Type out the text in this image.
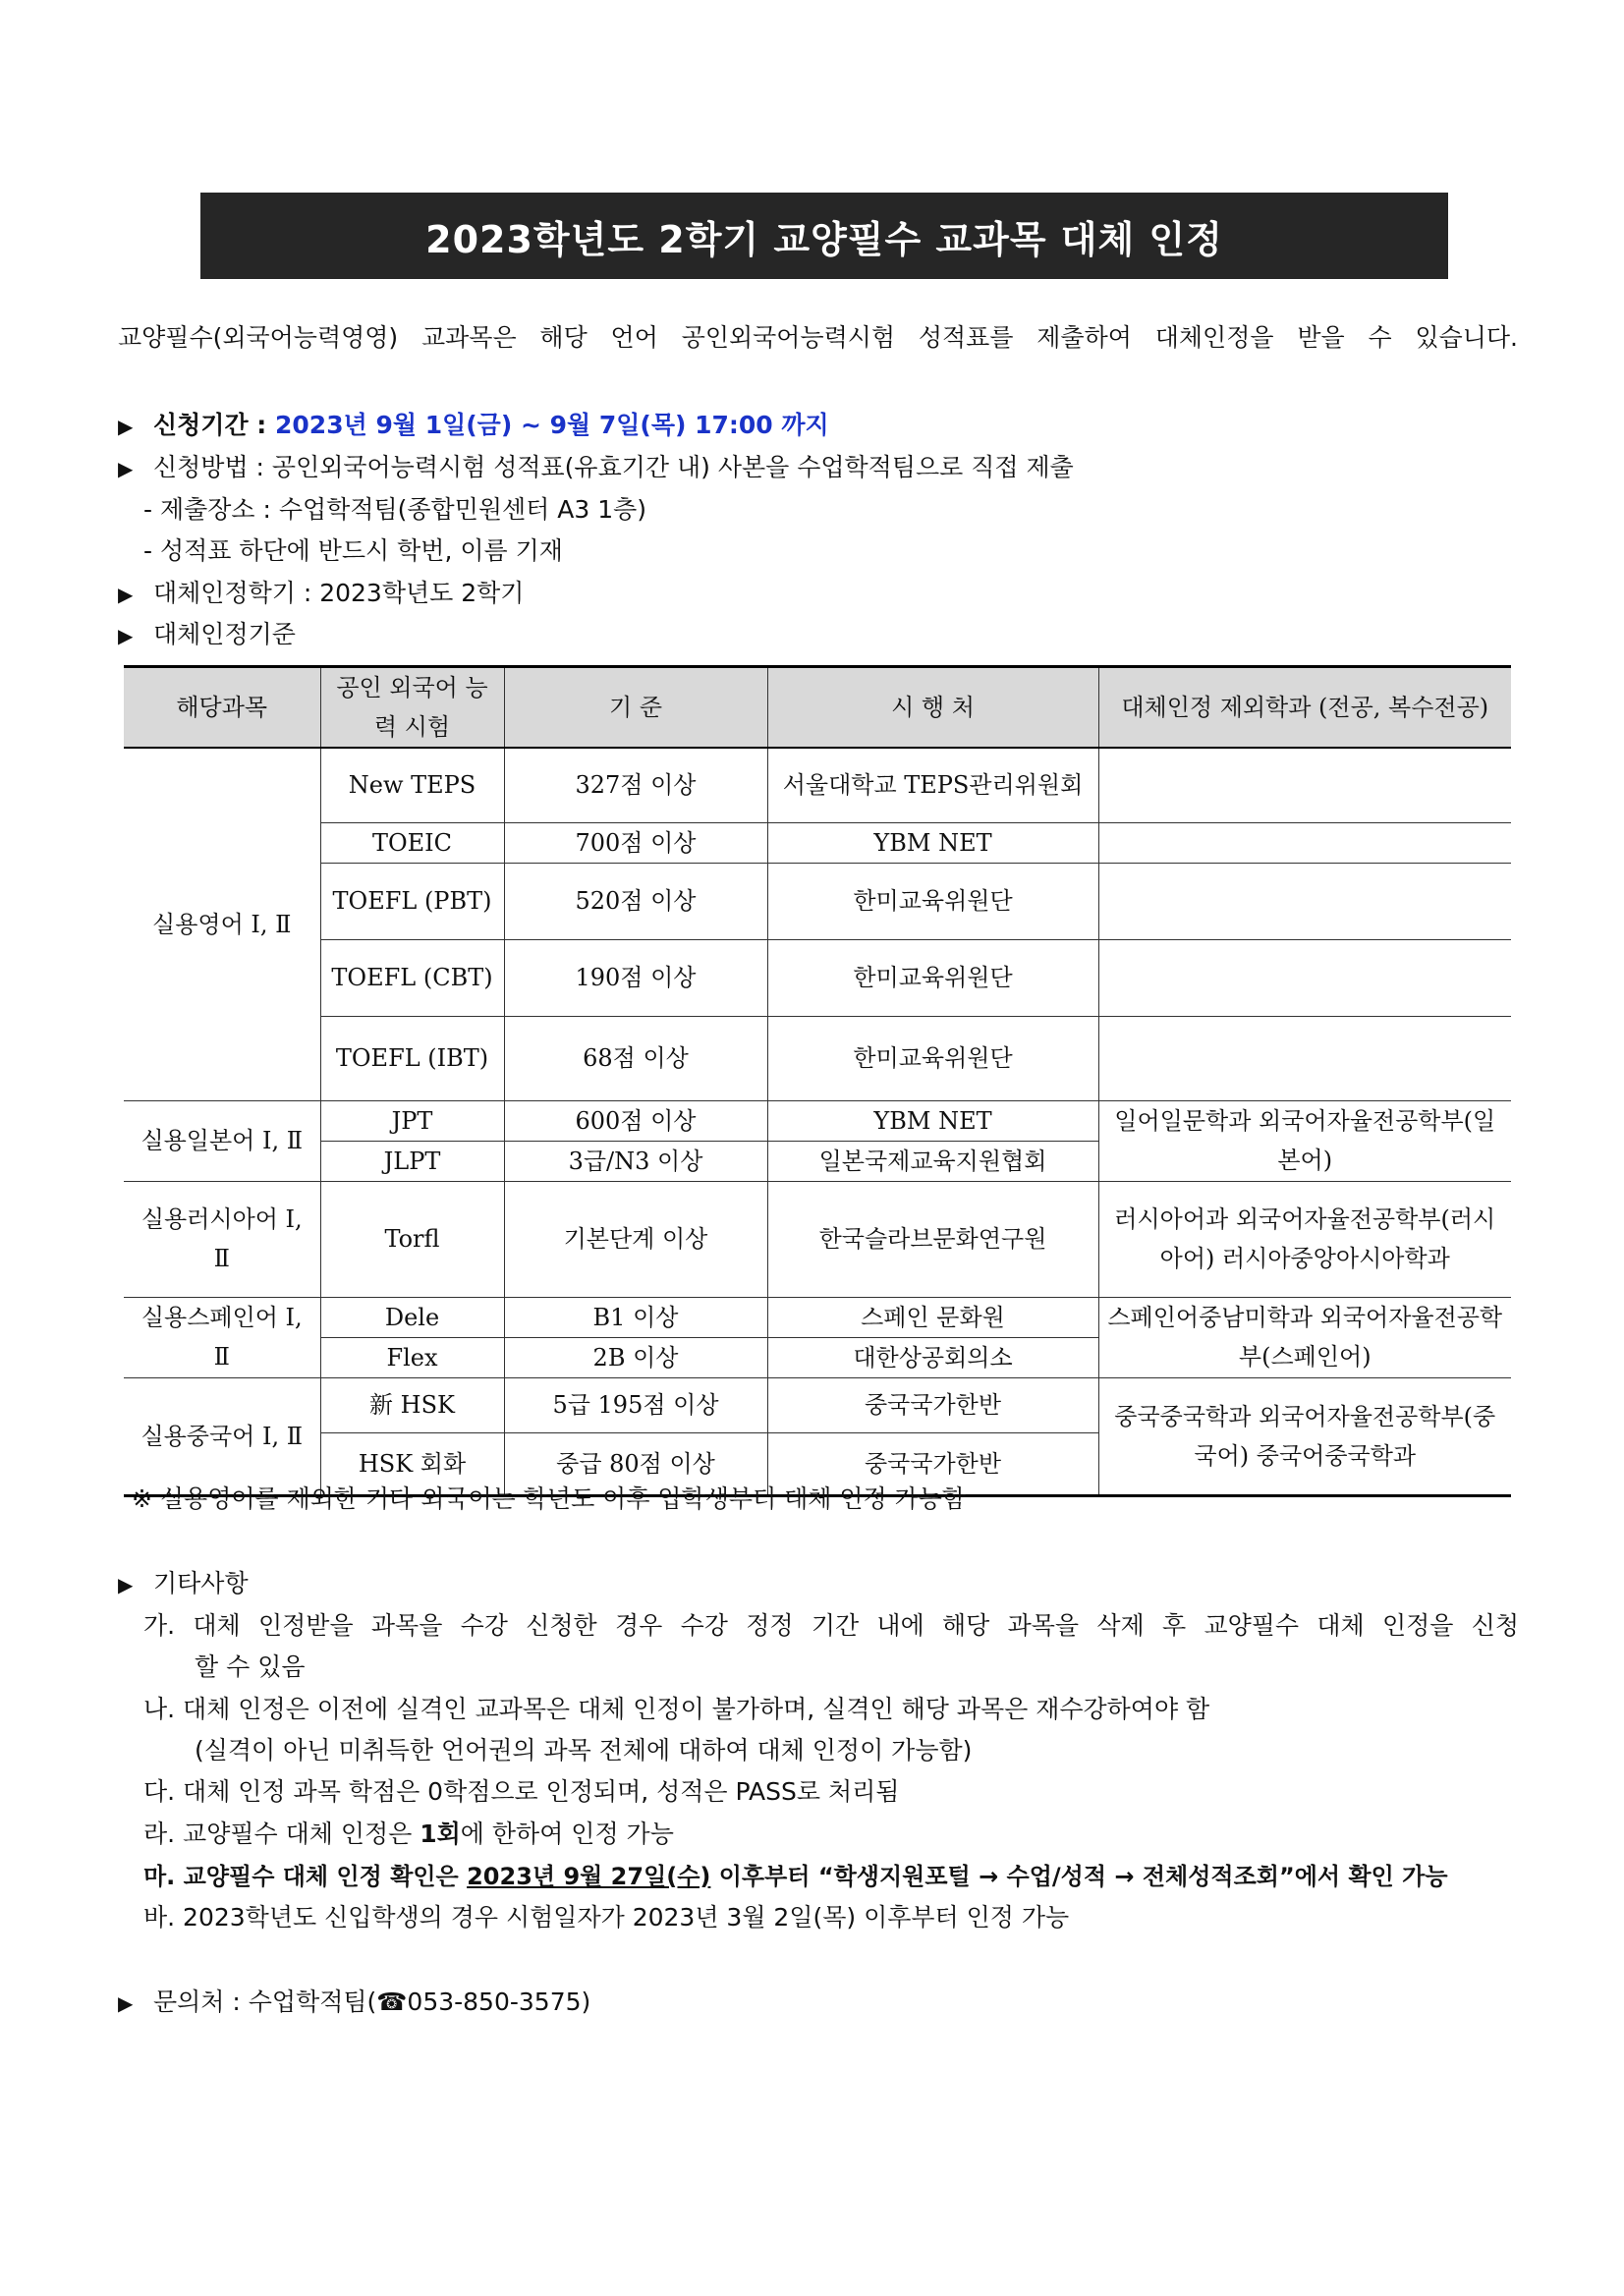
2023학년도 2학기 교양필수 교과목 대체 인정
교양필수(외국어능력영영) 교과목은 해당 언어 공인외국어능력시험 성적표를 제출하여 대체인정을 받을 수 있습니다.
▶ 신청기간 : 2023년 9월 1일(금) ~ 9월 7일(목) 17:00 까지
▶ 신청방법 : 공인외국어능력시험 성적표(유효기간 내) 사본을 수업학적팀으로 직접 제출
- 제출장소 : 수업학적팀(종합민원센터 A3 1층)
- 성적표 하단에 반드시 학번, 이름 기재
▶ 대체인정학기 : 2023학년도 2학기
▶ 대체인정기준
해당과목	공인 외국어 능력 시험	기 준	시 행 처	대체인정 제외학과 (전공, 복수전공)
실용영어 Ⅰ, Ⅱ	New TEPS	327점 이상	서울대학교 TEPS관리위원회	
	TOEIC	700점 이상	YBM NET	
	TOEFL (PBT)	520점 이상	한미교육위원단	
	TOEFL (CBT)	190점 이상	한미교육위원단	
	TOEFL (IBT)	68점 이상	한미교육위원단	
실용일본어 Ⅰ, Ⅱ	JPT	600점 이상	YBM NET	일어일문학과 외국어자율전공학부(일본어)
	JLPT	3급/N3 이상	일본국제교육지원협회	
실용러시아어 Ⅰ, Ⅱ	Torfl	기본단계 이상	한국슬라브문화연구원	러시아어과 외국어자율전공학부(러시아어) 러시아중앙아시아학과
실용스페인어 Ⅰ, Ⅱ	Dele	B1 이상	스페인 문화원	스페인어중남미학과 외국어자율전공학부(스페인어)
	Flex	2B 이상	대한상공회의소	
실용중국어 Ⅰ, Ⅱ	新 HSK	5급 195점 이상	중국국가한반	중국중국학과 외국어자율전공학부(중국어) 중국어중국학과
	HSK 회화	중급 80점 이상	중국국가한반	
※ 실용영어를 제외한 기타 외국어는 학년도 이후 입학생부터 대체 인정 가능함
▶ 기타사항
가. 대체 인정받을 과목을 수강 신청한 경우 수강 정정 기간 내에 해당 과목을 삭제 후 교양필수 대체 인정을 신청
할 수 있음
나. 대체 인정은 이전에 실격인 교과목은 대체 인정이 불가하며, 실격인 해당 과목은 재수강하여야 함
(실격이 아닌 미취득한 언어권의 과목 전체에 대하여 대체 인정이 가능함)
다. 대체 인정 과목 학점은 0학점으로 인정되며, 성적은 PASS로 처리됨
라. 교양필수 대체 인정은 1회에 한하여 인정 가능
마. 교양필수 대체 인정 확인은 2023년 9월 27일(수) 이후부터 “학생지원포털 → 수업/성적 → 전체성적조회”에서 확인 가능
바. 2023학년도 신입학생의 경우 시험일자가 2023년 3월 2일(목) 이후부터 인정 가능
▶ 문의처 : 수업학적팀(☎053-850-3575)
